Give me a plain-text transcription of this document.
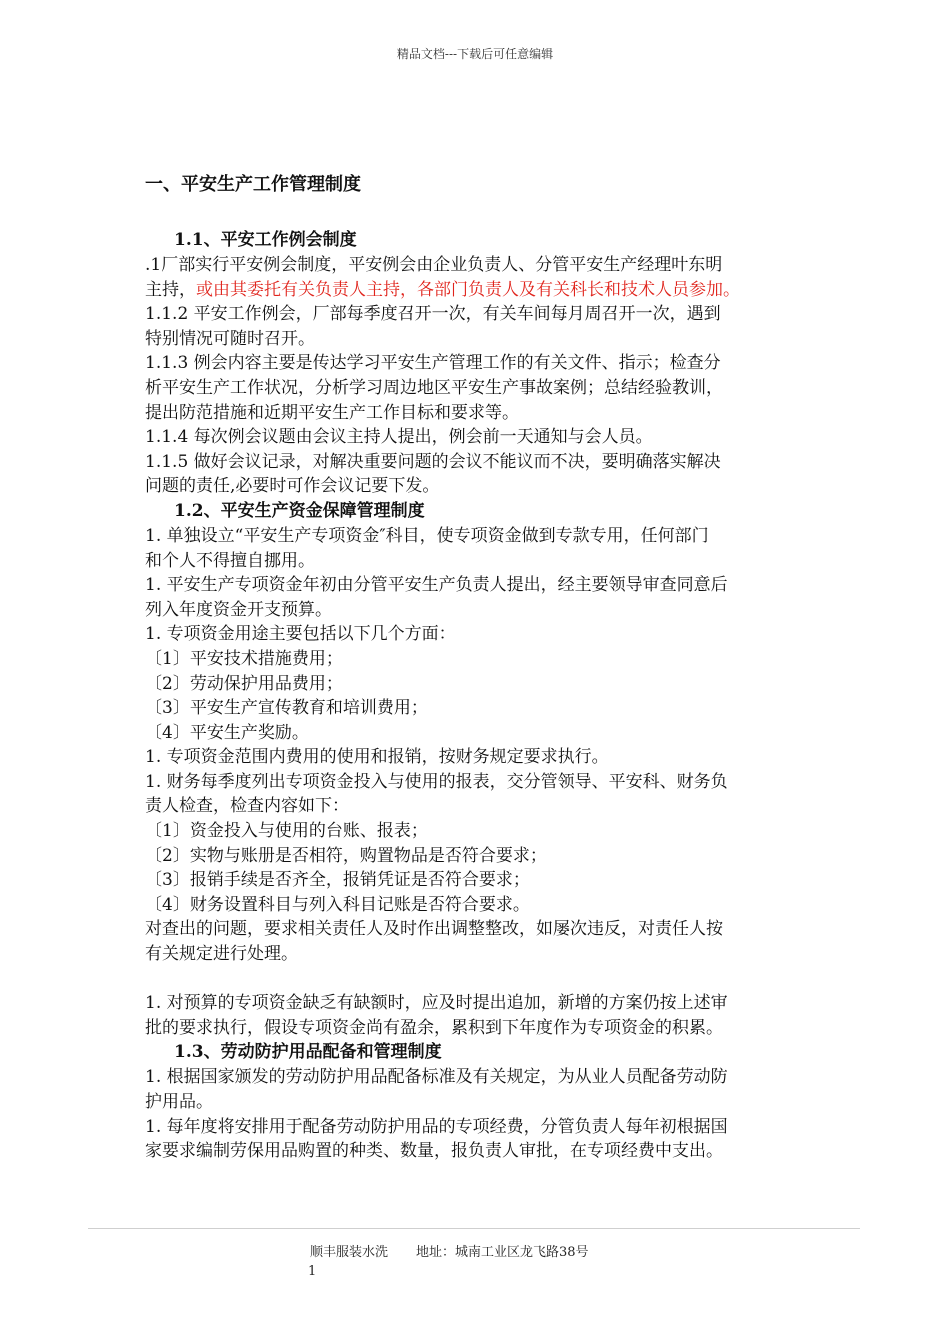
精品文档---下载后可任意编辑
一、平安生产工作管理制度
1.1、平安工作例会制度
.1厂部实行平安例会制度，平安例会由企业负责人、分管平安生产经理叶东明
主持，或由其委托有关负责人主持，各部门负责人及有关科长和技术人员参加。
1.1.2 平安工作例会，厂部每季度召开一次，有关车间每月周召开一次，遇到
特别情况可随时召开。
1.1.3 例会内容主要是传达学习平安生产管理工作的有关文件、指示；检查分
析平安生产工作状况，分析学习周边地区平安生产事故案例；总结经验教训，
提出防范措施和近期平安生产工作目标和要求等。
1.1.4 每次例会议题由会议主持人提出，例会前一天通知与会人员。
1.1.5 做好会议记录，对解决重要问题的会议不能议而不决，要明确落实解决
问题的责任,必要时可作会议记要下发。
1.2、平安生产资金保障管理制度
1. 单独设立“平安生产专项资金″科目，使专项资金做到专款专用，任何部门
和个人不得擅自挪用。
1. 平安生产专项资金年初由分管平安生产负责人提出，经主要领导审查同意后
列入年度资金开支预算。
1. 专项资金用途主要包括以下几个方面：
〔1〕平安技术措施费用；
〔2〕劳动保护用品费用；
〔3〕平安生产宣传教育和培训费用；
〔4〕平安生产奖励。
1. 专项资金范围内费用的使用和报销，按财务规定要求执行。
1. 财务每季度列出专项资金投入与使用的报表，交分管领导、平安科、财务负
责人检查，检查内容如下：
〔1〕资金投入与使用的台账、报表；
〔2〕实物与账册是否相符，购置物品是否符合要求；
〔3〕报销手续是否齐全，报销凭证是否符合要求；
〔4〕财务设置科目与列入科目记账是否符合要求。
对查出的问题，要求相关责任人及时作出调整整改，如屡次违反，对责任人按
有关规定进行处理。
1. 对预算的专项资金缺乏有缺额时，应及时提出追加，新增的方案仍按上述审
批的要求执行，假设专项资金尚有盈余，累积到下年度作为专项资金的积累。
1.3、劳动防护用品配备和管理制度
1. 根据国家颁发的劳动防护用品配备标准及有关规定，为从业人员配备劳动防
护用品。
1. 每年度将安排用于配备劳动防护用品的专项经费，分管负责人每年初根据国
家要求编制劳保用品购置的种类、数量，报负责人审批，在专项经费中支出。
顺丰服装水洗 地址：城南工业区龙飞路38号
1
